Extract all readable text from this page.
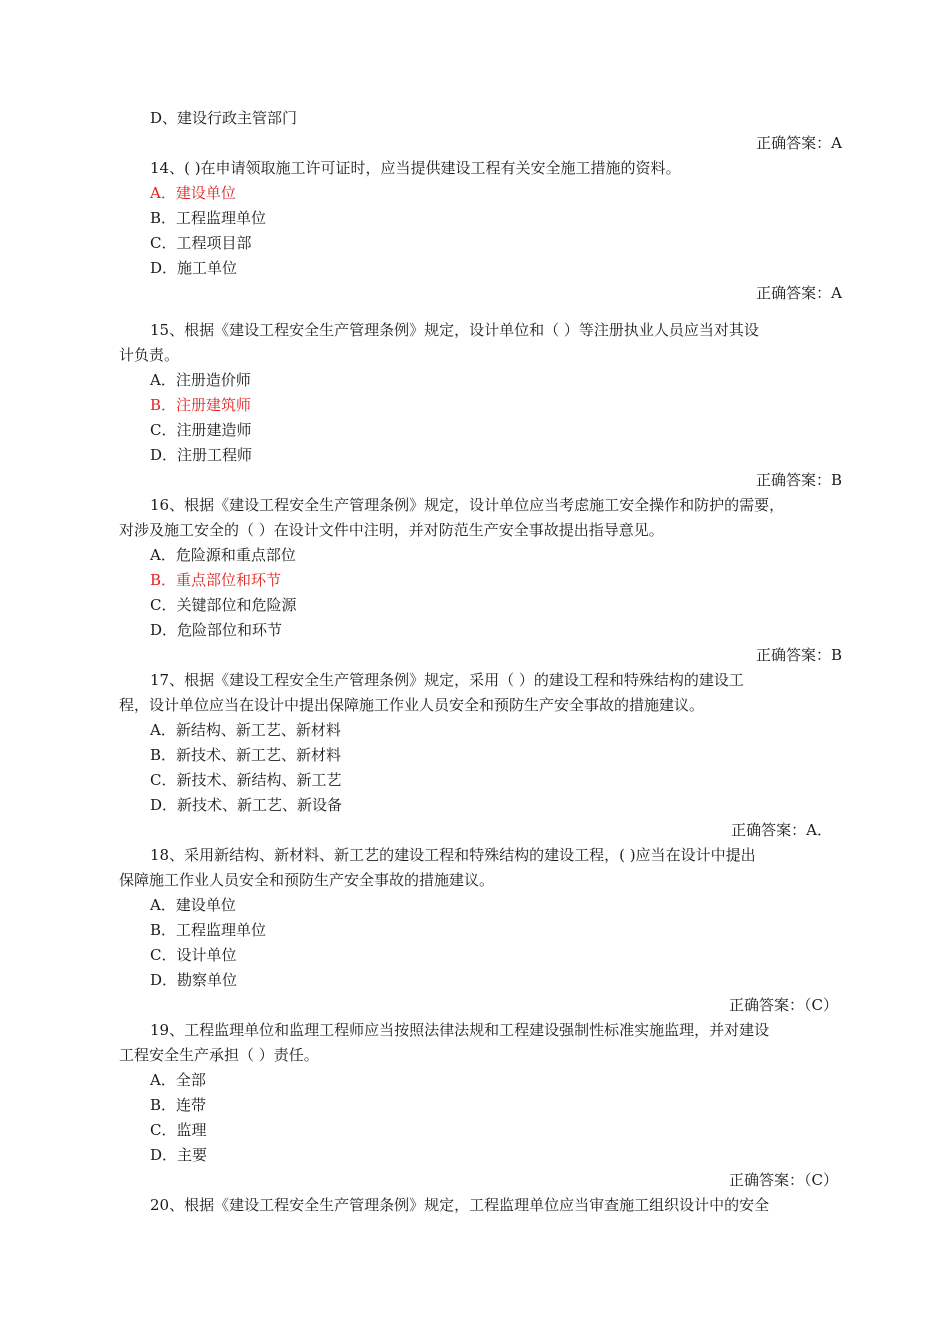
D、建设行政主管部门
正确答案：A
14、( )在申请领取施工许可证时，应当提供建设工程有关安全施工措施的资料。
A．建设单位
B．工程监理单位
C．工程项目部
D．施工单位
正确答案：A
15、根据《建设工程安全生产管理条例》规定，设计单位和（ ）等注册执业人员应当对其设
计负责。
A．注册造价师
B．注册建筑师
C．注册建造师
D．注册工程师
正确答案：B
16、根据《建设工程安全生产管理条例》规定，设计单位应当考虑施工安全操作和防护的需要，
对涉及施工安全的（ ）在设计文件中注明，并对防范生产安全事故提出指导意见。
A．危险源和重点部位
B．重点部位和环节
C．关键部位和危险源
D．危险部位和环节
正确答案：B
17、根据《建设工程安全生产管理条例》规定，采用（ ）的建设工程和特殊结构的建设工
程，设计单位应当在设计中提出保障施工作业人员安全和预防生产安全事故的措施建议。
A．新结构、新工艺、新材料
B．新技术、新工艺、新材料
C．新技术、新结构、新工艺
D．新技术、新工艺、新设备
正确答案：A．
18、采用新结构、新材料、新工艺的建设工程和特殊结构的建设工程，( )应当在设计中提出
保障施工作业人员安全和预防生产安全事故的措施建议。
A．建设单位
B．工程监理单位
C．设计单位
D．勘察单位
正确答案：（C）
19、工程监理单位和监理工程师应当按照法律法规和工程建设强制性标准实施监理，并对建设
工程安全生产承担（ ）责任。
A．全部
B．连带
C．监理
D．主要
正确答案：（C）
20、根据《建设工程安全生产管理条例》规定，工程监理单位应当审查施工组织设计中的安全
